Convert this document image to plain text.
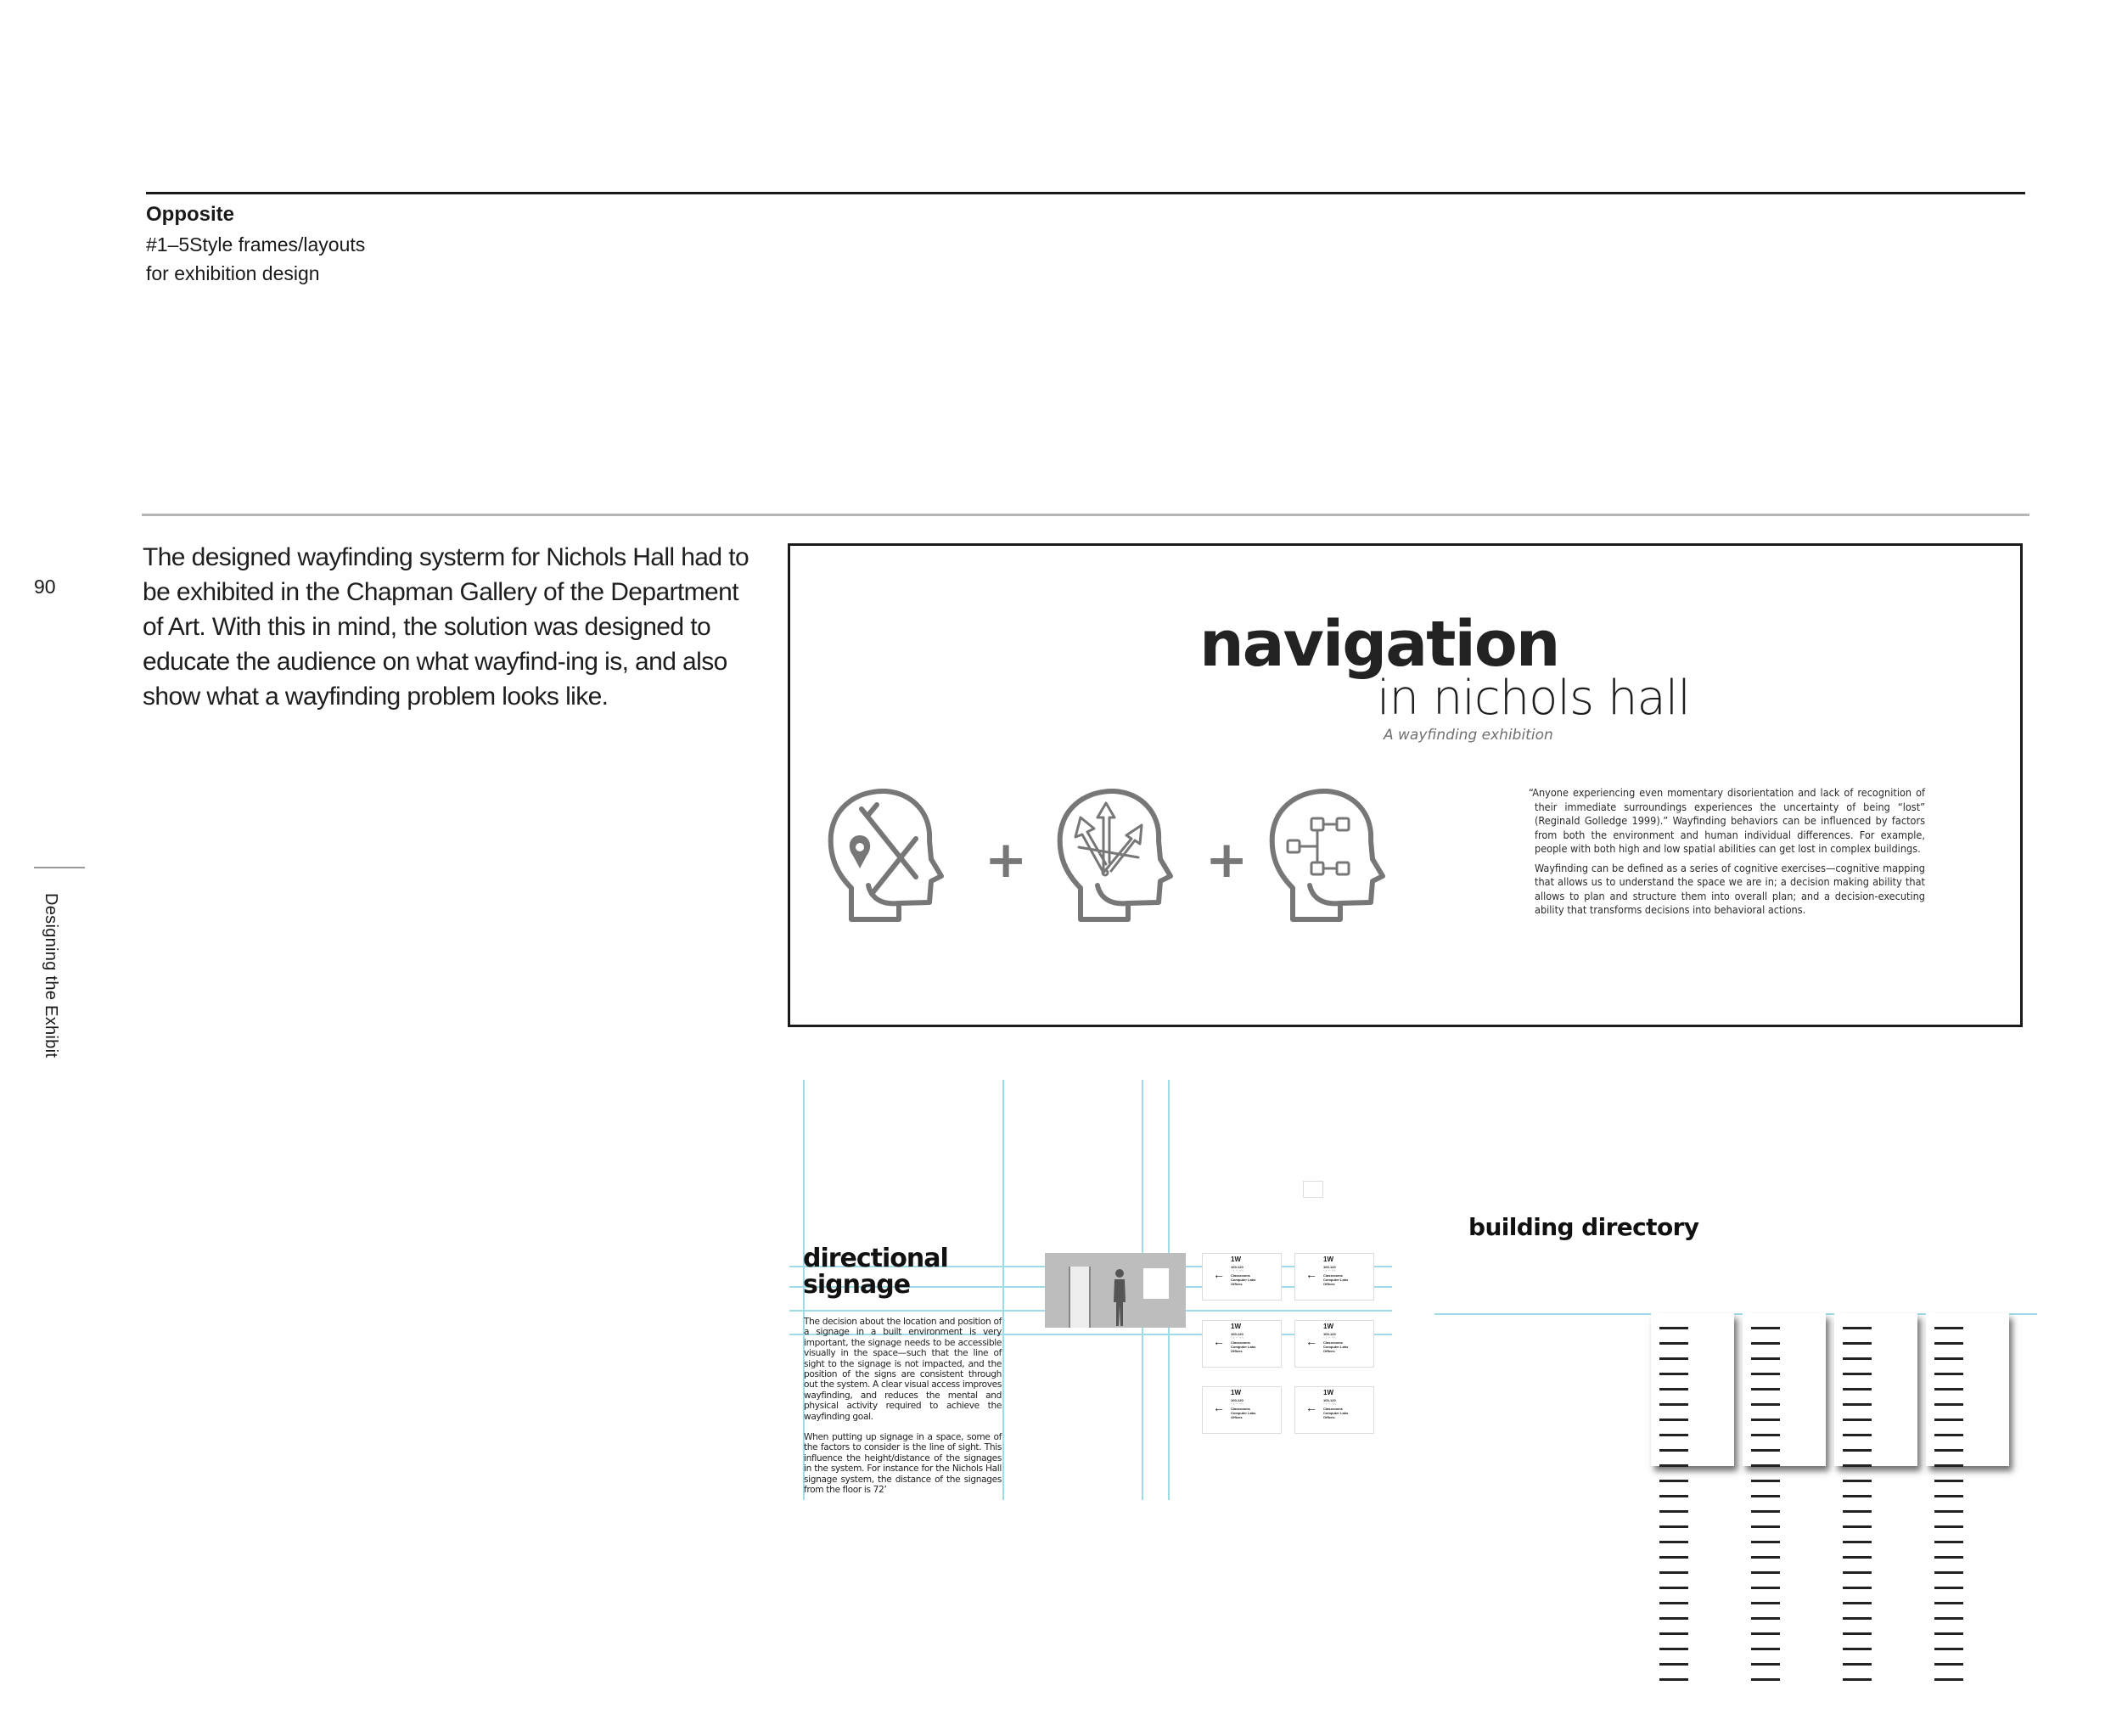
Opposite
#1–5Style frames/layouts
for exhibition design
90
Designing the Exhibit
The designed wayfinding systerm for Nichols Hall had to be exhibited in the Chapman Gallery of the Department of Art. With this in mind, the solution was designed to educate the audience on what wayfind-ing is, and also show what a wayfinding problem looks like.
navigation
in nichols hall
A wayfinding exhibition
+	+

“Anyone experiencing even momentary disorientation and lack of recognition of their immediate surroundings experiences the uncertainty of being “lost” (Reginald Golledge 1999).” Wayfinding behaviors can be influenced by factors from both the environment and human individual differences. For example, people with both high and low spatial abilities can get lost in complex buildings.

Wayfinding can be defined as a series of cognitive exercises—cognitive mapping that allows us to understand the space we are in; a decision making ability that allows to plan and structure them into overall plan; and a decision-executing ability that transforms decisions into behavioral actions.

directional
signage

The decision about the location and position of a signage in a built environment is very important, the signage needs to be accessible visually in the space—such that the line of sight to the signage is not impacted, and the position of the signs are consistent through out the system. A clear visual access improves wayfinding, and reduces the mental and physical activity required to achieve the wayfinding goal.

When putting up signage in a space, some of the factors to consider is the line of sight. This influence the height/distance of the signages in the system. For instance for the Nichols Hall signage system, the distance of the signages from the floor is 72’

←
1W
100-120
⠁⠃⠉ ⠙⠑
Classrooms
Computer Labs
Offices
←
1W
100-120
⠁⠃⠉ ⠙⠑
Classrooms
Computer Labs
Offices
←
1W
100-120
⠁⠃⠉ ⠙⠑
Classrooms
Computer Labs
Offices
←
1W
100-120
⠁⠃⠉ ⠙⠑
Classrooms
Computer Labs
Offices
←
1W
100-120
⠁⠃⠉ ⠙⠑
Classrooms
Computer Labs
Offices
←
1W
100-120
⠁⠃⠉ ⠙⠑
Classrooms
Computer Labs
Offices
building directory
